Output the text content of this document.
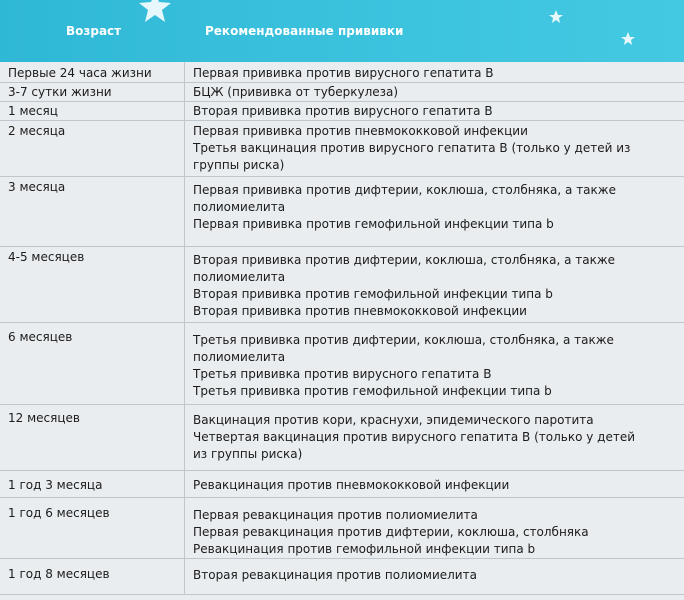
Возраст	Рекомендованные прививки
Первые 24 часа жизни	Первая прививка против вирусного гепатита В

3-7 сутки жизни	БЦЖ (прививка от туберкулеза)

1 месяц	Вторая прививка против вирусного гепатита В

2 месяца	Первая прививка против пневмококковой инфекции
Третья вакцинация против вирусного гепатита В (только у детей из
группы риска)

3 месяца	Первая прививка против дифтерии, коклюша, столбняка, а также
полиомиелита
Первая прививка против гемофильной инфекции типа b

4-5 месяцев	Вторая прививка против дифтерии, коклюша, столбняка, а также
полиомиелита
Вторая прививка против гемофильной инфекции типа b
Вторая прививка против пневмококковой инфекции

6 месяцев	Третья прививка против дифтерии, коклюша, столбняка, а также
полиомиелита
Третья прививка против вирусного гепатита В
Третья прививка против гемофильной инфекции типа b

12 месяцев	Вакцинация против кори, краснухи, эпидемического паротита
Четвертая вакцинация против вирусного гепатита В (только у детей
из группы риска)

1 год 3 месяца	Ревакцинация против пневмококковой инфекции

1 год 6 месяцев	Первая ревакцинация против полиомиелита
Первая ревакцинация против дифтерии, коклюша, столбняка
Ревакцинация против гемофильной инфекции типа b

1 год 8 месяцев	Вторая ревакцинация против полиомиелита
